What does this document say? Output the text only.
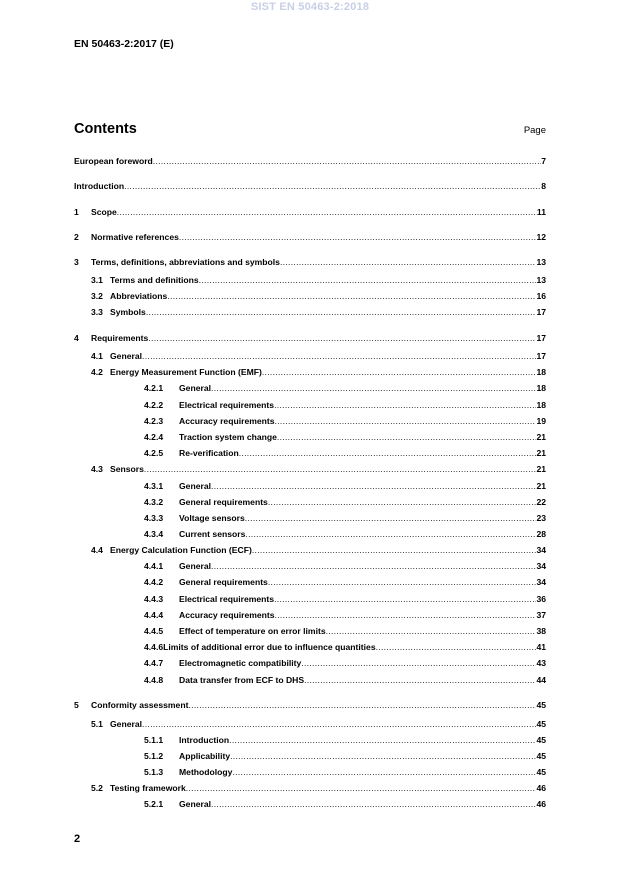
SIST EN 50463-2:2018
EN 50463-2:2017 (E)
Contents	Page
European foreword .....	7
Introduction .....	8
1	Scope .....	11
2	Normative references .....	12
3	Terms, definitions, abbreviations and symbols .....	13
3.1 Terms and definitions .....	13
3.2 Abbreviations .....	16
3.3 Symbols .....	17
4	Requirements .....	17
4.1 General .....	17
4.2 Energy Measurement Function (EMF) .....	18
4.2.1	General .....	18
4.2.2	Electrical requirements .....	18
4.2.3	Accuracy requirements .....	19
4.2.4	Traction system change .....	21
4.2.5	Re-verification .....	21
4.3 Sensors .....	21
4.3.1	General .....	21
4.3.2	General requirements .....	22
4.3.3	Voltage sensors .....	23
4.3.4	Current sensors .....	28
4.4 Energy Calculation Function (ECF) .....	34
4.4.1	General .....	34
4.4.2	General requirements .....	34
4.4.3	Electrical requirements .....	36
4.4.4	Accuracy requirements .....	37
4.4.5	Effect of temperature on error limits .....	38
4.4.6 Limits of additional error due to influence quantities .....	41
4.4.7	Electromagnetic compatibility .....	43
4.4.8	Data transfer from ECF to DHS .....	44
5	Conformity assessment .....	45
5.1 General .....	45
5.1.1	Introduction .....	45
5.1.2	Applicability .....	45
5.1.3	Methodology .....	45
5.2 Testing framework .....	46
5.2.1	General .....	46
2
